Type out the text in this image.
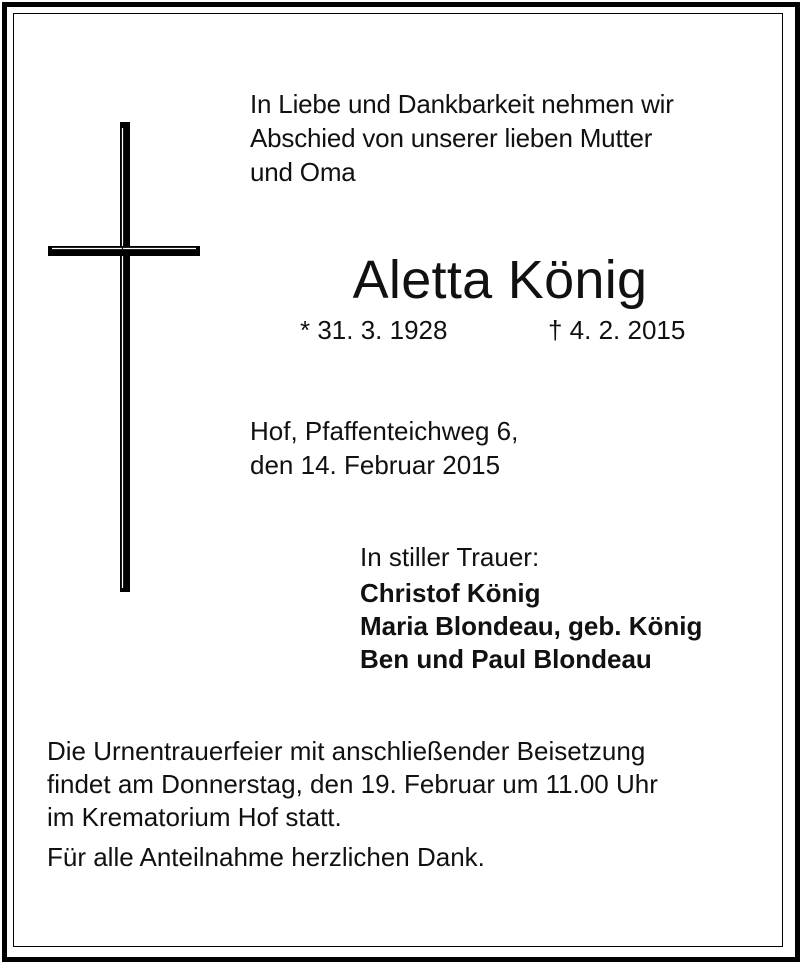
In Liebe und Dankbarkeit nehmen wir
Abschied von unserer lieben Mutter
und Oma
Aletta König
* 31. 3. 1928	† 4. 2. 2015
Hof, Pfaffenteichweg 6,
den 14. Februar 2015
In stiller Trauer:
Christof König
Maria Blondeau, geb. König
Ben und Paul Blondeau
Die Urnentrauerfeier mit anschließender Beisetzung
findet am Donnerstag, den 19. Februar um 11.00 Uhr
im Krematorium Hof statt.
Für alle Anteilnahme herzlichen Dank.
